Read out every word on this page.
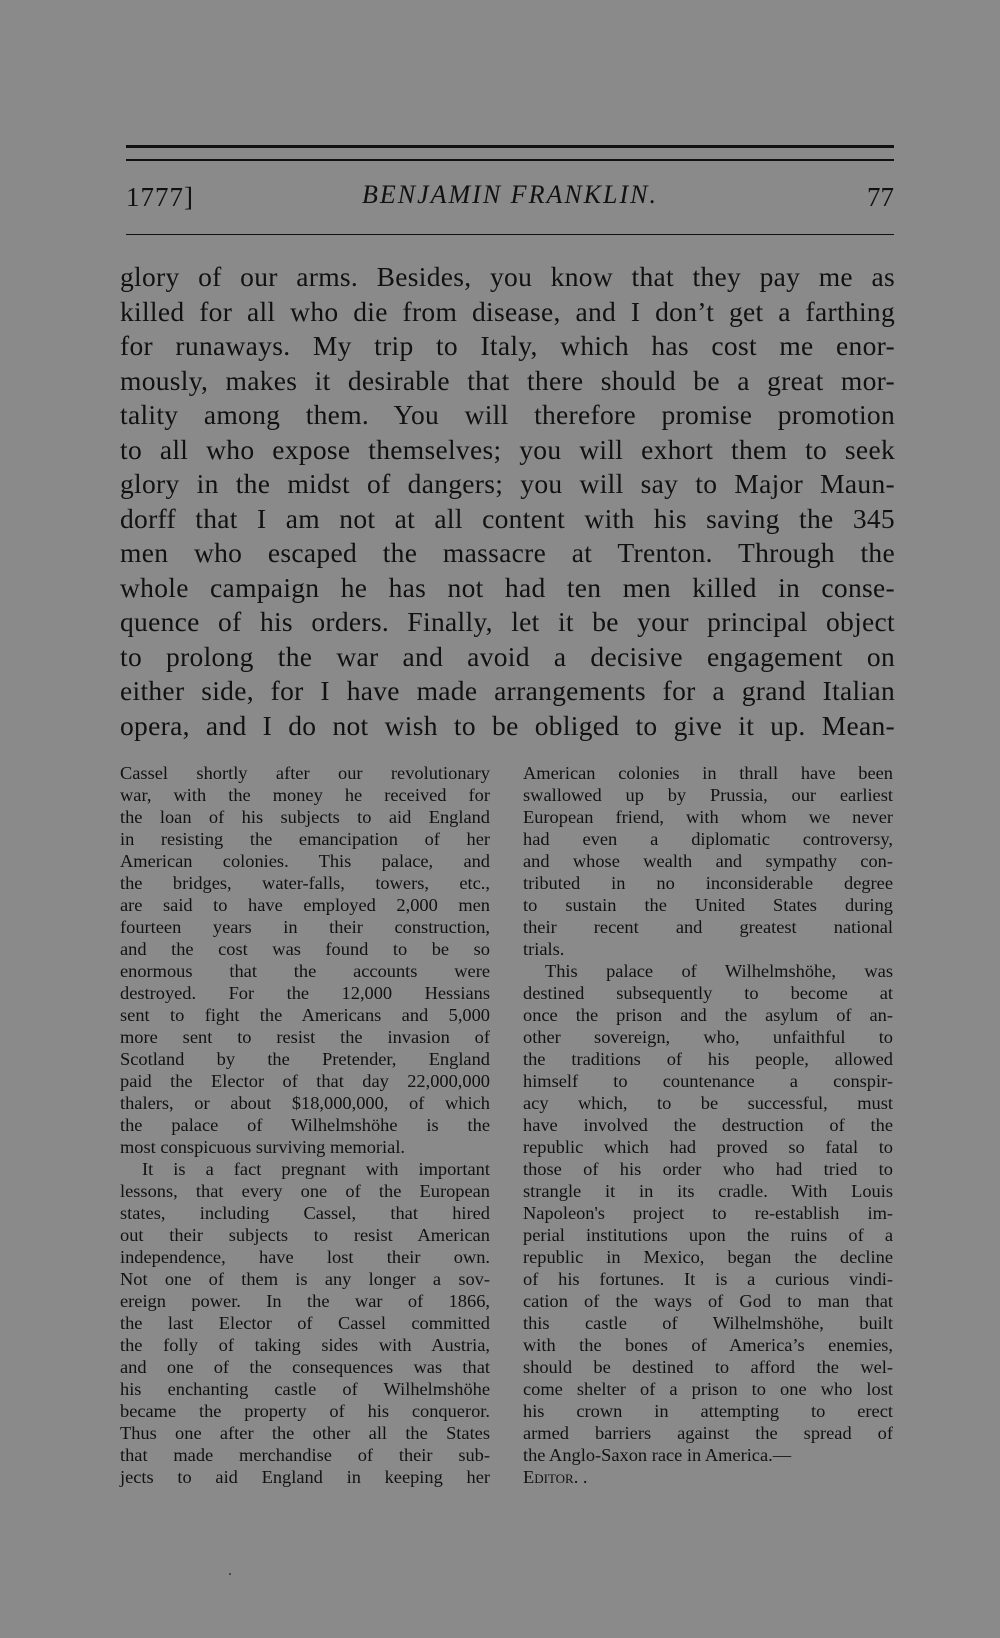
1777]	BENJAMIN FRANKLIN.	77
glory of our arms. Besides, you know that they pay me as
killed for all who die from disease, and I don’t get a farthing
for runaways. My trip to Italy, which has cost me enor-
mously, makes it desirable that there should be a great mor-
tality among them. You will therefore promise promotion
to all who expose themselves; you will exhort them to seek
glory in the midst of dangers; you will say to Major Maun-
dorff that I am not at all content with his saving the 345
men who escaped the massacre at Trenton. Through the
whole campaign he has not had ten men killed in conse-
quence of his orders. Finally, let it be your principal object
to prolong the war and avoid a decisive engagement on
either side, for I have made arrangements for a grand Italian
opera, and I do not wish to be obliged to give it up. Mean-
Cassel shortly after our revolutionary
war, with the money he received for
the loan of his subjects to aid England
in resisting the emancipation of her
American colonies. This palace, and
the bridges, water-falls, towers, etc.,
are said to have employed 2,000 men
fourteen years in their construction,
and the cost was found to be so
enormous that the accounts were
destroyed. For the 12,000 Hessians
sent to fight the Americans and 5,000
more sent to resist the invasion of
Scotland by the Pretender, England
paid the Elector of that day 22,000,000
thalers, or about $18,000,000, of which
the palace of Wilhelmshöhe is the
most conspicuous surviving memorial.
It is a fact pregnant with important
lessons, that every one of the European
states, including Cassel, that hired
out their subjects to resist American
independence, have lost their own.
Not one of them is any longer a sov-
ereign power. In the war of 1866,
the last Elector of Cassel committed
the folly of taking sides with Austria,
and one of the consequences was that
his enchanting castle of Wilhelmshöhe
became the property of his conqueror.
Thus one after the other all the States
that made merchandise of their sub-
jects to aid England in keeping her
American colonies in thrall have been
swallowed up by Prussia, our earliest
European friend, with whom we never
had even a diplomatic controversy,
and whose wealth and sympathy con-
tributed in no inconsiderable degree
to sustain the United States during
their recent and greatest national
trials.
This palace of Wilhelmshöhe, was
destined subsequently to become at
once the prison and the asylum of an-
other sovereign, who, unfaithful to
the traditions of his people, allowed
himself to countenance a conspir-
acy which, to be successful, must
have involved the destruction of the
republic which had proved so fatal to
those of his order who had tried to
strangle it in its cradle. With Louis
Napoleon's project to re-establish im-
perial institutions upon the ruins of a
republic in Mexico, began the decline
of his fortunes. It is a curious vindi-
cation of the ways of God to man that
this castle of Wilhelmshöhe, built
with the bones of America’s enemies,
should be destined to afford the wel-
come shelter of a prison to one who lost
his crown in attempting to erect
armed barriers against the spread of
the Anglo-Saxon race in America.—
Editor. .
